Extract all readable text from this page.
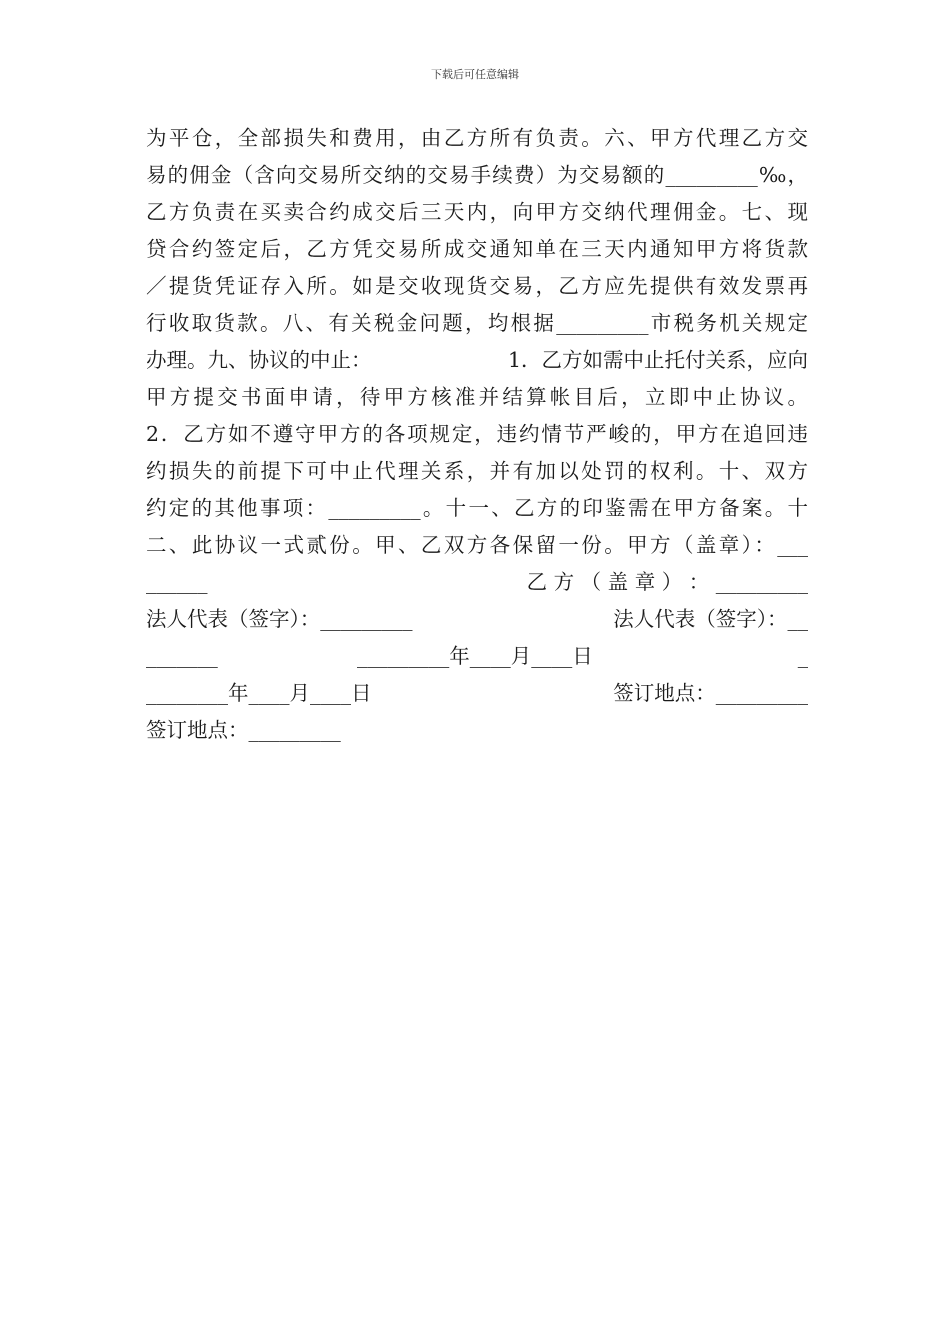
下载后可任意编辑
为平仓，全部损失和费用，由乙方所有负责。六、甲方代理乙方交
易的佣金（含向交易所交纳的交易手续费）为交易额的_________‰，
乙方负责在买卖合约成交后三天内，向甲方交纳代理佣金。七、现
贷合约签定后，乙方凭交易所成交通知单在三天内通知甲方将货款
／提货凭证存入所。如是交收现货交易，乙方应先提供有效发票再
行收取货款。八、有关税金问题，均根据_________市税务机关规定
办理。九、协议的中止：	1．乙方如需中止托付关系，应向
甲方提交书面申请，待甲方核准并结算帐目后，立即中止协议。
2．乙方如不遵守甲方的各项规定，违约情节严峻的，甲方在追回违
约损失的前提下可中止代理关系，并有加以处罚的权利。十、双方
约定的其他事项：_________。十一、乙方的印鉴需在甲方备案。十
二、此协议一式贰份。甲、乙双方各保留一份。甲方（盖章）：___
______	乙 方 （ 盖 章 ） ： _________
法人代表（签字）：_________	法人代表（签字）：__
_______	_________年____月____日	_
________年____月____日	签订地点：_________
签订地点：_________
